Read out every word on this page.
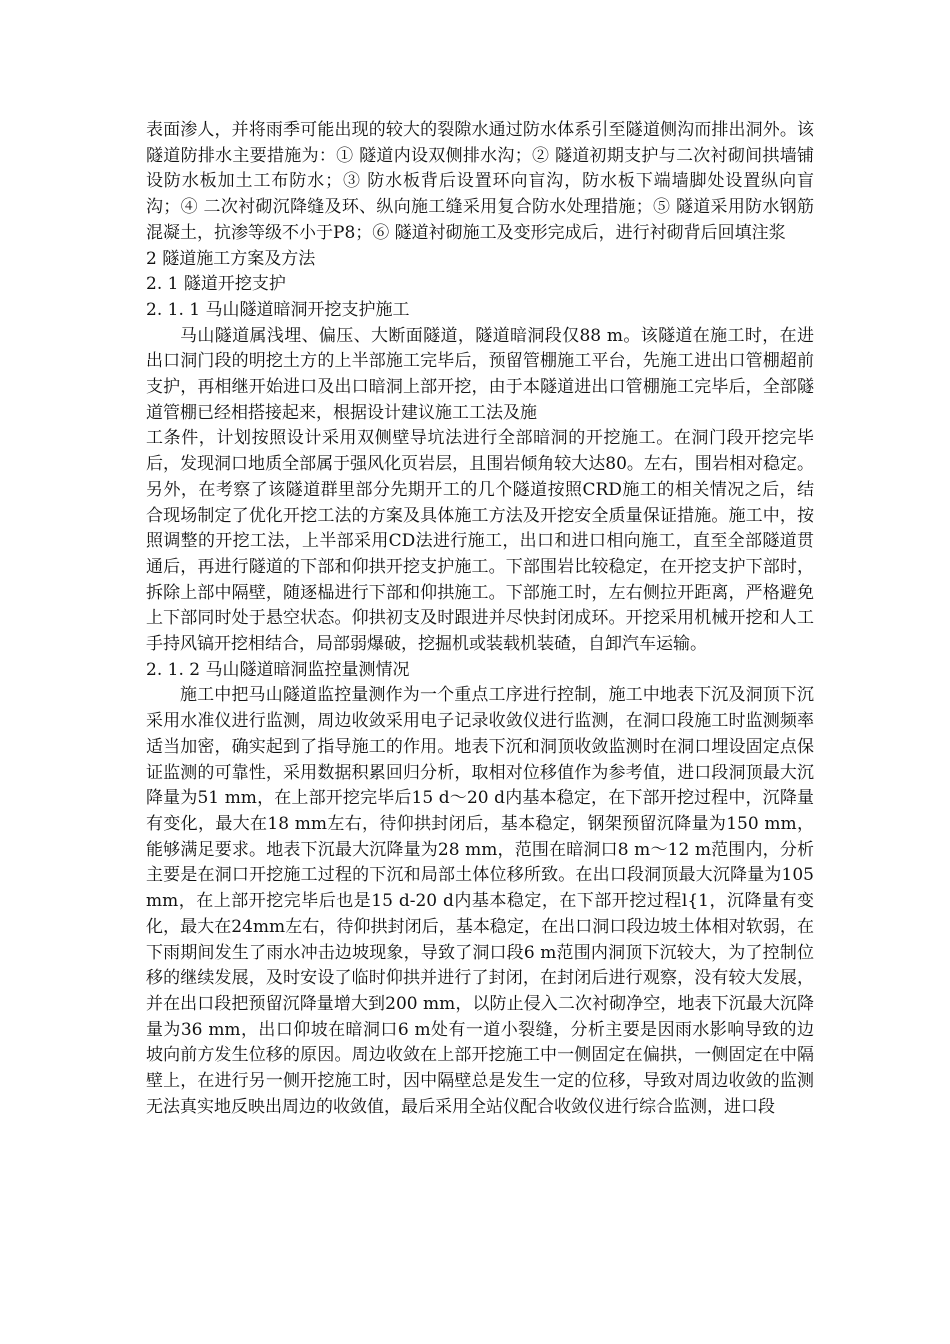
表面渗人，并将雨季可能出现的较大的裂隙水通过防水体系引至隧道侧沟而排出洞外。该隧道防排水主要措施为：① 隧道内设双侧排水沟；② 隧道初期支护与二次衬砌间拱墙铺设防水板加土工布防水；③ 防水板背后设置环向盲沟，防水板下端墙脚处设置纵向盲沟；④ 二次衬砌沉降缝及环、纵向施工缝采用复合防水处理措施；⑤ 隧道采用防水钢筋混凝土，抗渗等级不小于P8；⑥ 隧道衬砌施工及变形完成后，进行衬砌背后回填注浆

2 隧道施工方案及方法

2. 1 隧道开挖支护

2. 1. 1 马山隧道暗洞开挖支护施工

马山隧道属浅埋、偏压、大断面隧道，隧道暗洞段仅88 m。该隧道在施工时，在进出口洞门段的明挖土方的上半部施工完毕后，预留管棚施工平台，先施工进出口管棚超前支护，再相继开始进口及出口暗洞上部开挖，由于本隧道进出口管棚施工完毕后，全部隧道管棚已经相搭接起来，根据设计建议施工工法及施

工条件，计划按照设计采用双侧壁导坑法进行全部暗洞的开挖施工。在洞门段开挖完毕后，发现洞口地质全部属于强风化页岩层，且围岩倾角较大达80。左右，围岩相对稳定。另外，在考察了该隧道群里部分先期开工的几个隧道按照CRD施工的相关情况之后，结合现场制定了优化开挖工法的方案及具体施工方法及开挖安全质量保证措施。施工中，按照调整的开挖工法，上半部采用CD法进行施工，出口和进口相向施工，直至全部隧道贯通后，再进行隧道的下部和仰拱开挖支护施工。下部围岩比较稳定，在开挖支护下部时，拆除上部中隔壁，随逐榀进行下部和仰拱施工。下部施工时，左右侧拉开距离，严格避免上下部同时处于悬空状态。仰拱初支及时跟进并尽快封闭成环。开挖采用机械开挖和人工手持风镐开挖相结合，局部弱爆破，挖掘机或装载机装碴，自卸汽车运输。

2. 1. 2 马山隧道暗洞监控量测情况

施工中把马山隧道监控量测作为一个重点工序进行控制，施工中地表下沉及洞顶下沉采用水准仪进行监测，周边收敛采用电子记录收敛仪进行监测，在洞口段施工时监测频率适当加密，确实起到了指导施工的作用。地表下沉和洞顶收敛监测时在洞口埋设固定点保证监测的可靠性，采用数据积累回归分析，取相对位移值作为参考值，进口段洞顶最大沉降量为51 mm，在上部开挖完毕后15 d～20 d内基本稳定，在下部开挖过程中，沉降量有变化，最大在18 mm左右，待仰拱封闭后，基本稳定，钢架预留沉降量为150 mm，能够满足要求。地表下沉最大沉降量为28 mm，范围在暗洞口8 m～12 m范围内，分析主要是在洞口开挖施工过程的下沉和局部土体位移所致。在出口段洞顶最大沉降量为105 mm，在上部开挖完毕后也是15 d-20 d内基本稳定，在下部开挖过程l{1，沉降量有变化，最大在24mm左右，待仰拱封闭后，基本稳定，在出口洞口段边坡土体相对软弱，在下雨期间发生了雨水冲击边坡现象，导致了洞口段6 m范围内洞顶下沉较大，为了控制位移的继续发展，及时安设了临时仰拱并进行了封闭，在封闭后进行观察，没有较大发展，并在出口段把预留沉降量增大到200 mm，以防止侵入二次衬砌净空，地表下沉最大沉降量为36 mm，出口仰坡在暗洞口6 m处有一道小裂缝，分析主要是因雨水影响导致的边坡向前方发生位移的原因。周边收敛在上部开挖施工中一侧固定在偏拱，一侧固定在中隔壁上，在进行另一侧开挖施工时，因中隔壁总是发生一定的位移，导致对周边收敛的监测无法真实地反映出周边的收敛值，最后采用全站仪配合收敛仪进行综合监测，进口段
